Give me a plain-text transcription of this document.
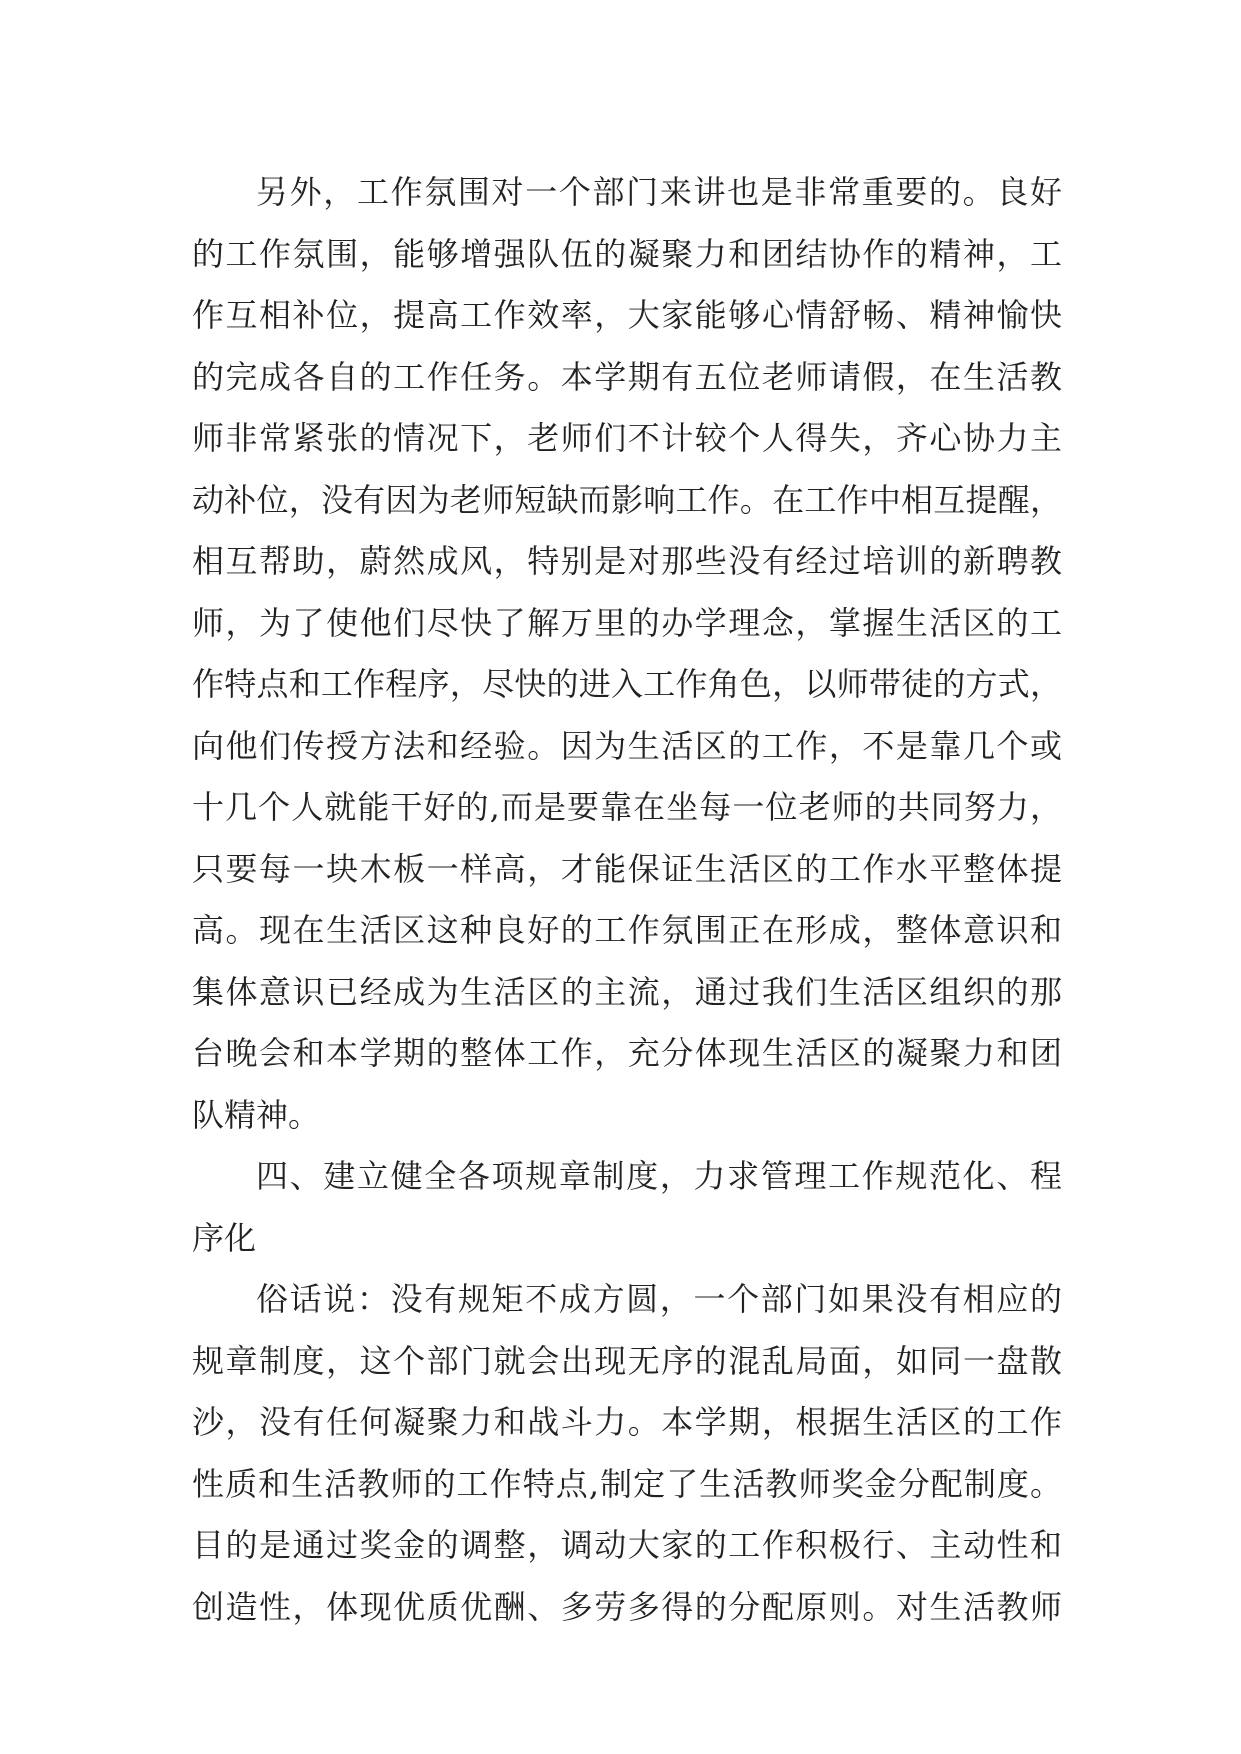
另外，工作氛围对一个部门来讲也是非常重要的。良好
的工作氛围，能够增强队伍的凝聚力和团结协作的精神，工
作互相补位，提高工作效率，大家能够心情舒畅、精神愉快
的完成各自的工作任务。本学期有五位老师请假，在生活教
师非常紧张的情况下，老师们不计较个人得失，齐心协力主
动补位，没有因为老师短缺而影响工作。在工作中相互提醒，
相互帮助，蔚然成风，特别是对那些没有经过培训的新聘教
师，为了使他们尽快了解万里的办学理念，掌握生活区的工
作特点和工作程序，尽快的进入工作角色，以师带徒的方式，
向他们传授方法和经验。因为生活区的工作，不是靠几个或
十几个人就能干好的,而是要靠在坐每一位老师的共同努力，
只要每一块木板一样高，才能保证生活区的工作水平整体提
高。现在生活区这种良好的工作氛围正在形成，整体意识和
集体意识已经成为生活区的主流，通过我们生活区组织的那
台晚会和本学期的整体工作，充分体现生活区的凝聚力和团
队精神。
四、建立健全各项规章制度，力求管理工作规范化、程
序化
俗话说：没有规矩不成方圆，一个部门如果没有相应的
规章制度，这个部门就会出现无序的混乱局面，如同一盘散
沙，没有任何凝聚力和战斗力。本学期，根据生活区的工作
性质和生活教师的工作特点,制定了生活教师奖金分配制度。
目的是通过奖金的调整，调动大家的工作积极行、主动性和
创造性，体现优质优酬、多劳多得的分配原则。对生活教师
